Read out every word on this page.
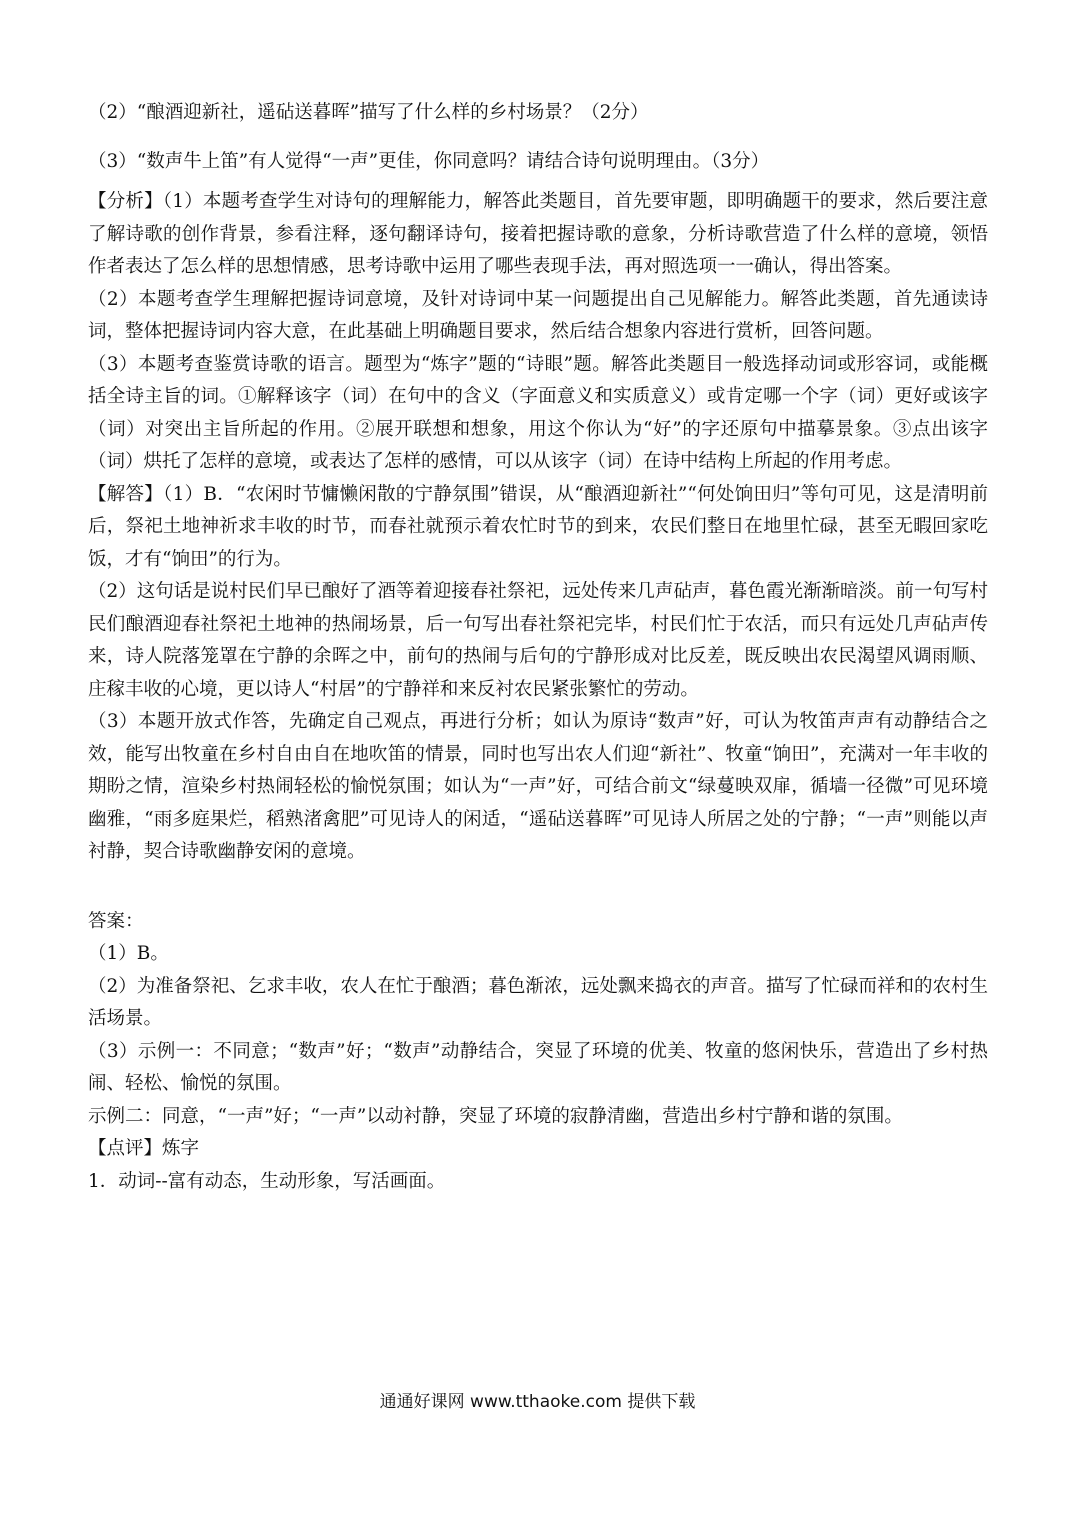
（2）“酿酒迎新社，遥砧送暮晖”描写了什么样的乡村场景？（2分）
（3）“数声牛上笛”有人觉得“一声”更佳，你同意吗？请结合诗句说明理由。（3分）

【分析】（1）本题考查学生对诗句的理解能力，解答此类题目，首先要审题，即明确题干的要求，然后要注意了解诗歌的创作背景，参看注释，逐句翻译诗句，接着把握诗歌的意象，分析诗歌营造了什么样的意境，领悟作者表达了怎么样的思想情感，思考诗歌中运用了哪些表现手法，再对照选项一一确认，得出答案。

（2）本题考查学生理解把握诗词意境，及针对诗词中某一问题提出自己见解能力。解答此类题，首先通读诗词，整体把握诗词内容大意，在此基础上明确题目要求，然后结合想象内容进行赏析，回答问题。

（3）本题考查鉴赏诗歌的语言。题型为“炼字”题的“诗眼”题。解答此类题目一般选择动词或形容词，或能概括全诗主旨的词。①解释该字（词）在句中的含义（字面意义和实质意义）或肯定哪一个字（词）更好或该字（词）对突出主旨所起的作用。②展开联想和想象，用这个你认为“好”的字还原句中描摹景象。③点出该字（词）烘托了怎样的意境，或表达了怎样的感情，可以从该字（词）在诗中结构上所起的作用考虑。

【解答】（1）B．“农闲时节慵懒闲散的宁静氛围”错误，从“酿酒迎新社”“何处饷田归”等句可见，这是清明前后，祭祀土地神祈求丰收的时节，而春社就预示着农忙时节的到来，农民们整日在地里忙碌，甚至无暇回家吃饭，才有“饷田”的行为。

（2）这句话是说村民们早已酿好了酒等着迎接春社祭祀，远处传来几声砧声，暮色霞光渐渐暗淡。前一句写村民们酿酒迎春社祭祀土地神的热闹场景，后一句写出春社祭祀完毕，村民们忙于农活，而只有远处几声砧声传来，诗人院落笼罩在宁静的余晖之中，前句的热闹与后句的宁静形成对比反差，既反映出农民渴望风调雨顺、庄稼丰收的心境，更以诗人“村居”的宁静祥和来反衬农民紧张繁忙的劳动。

（3）本题开放式作答，先确定自己观点，再进行分析；如认为原诗“数声”好，可认为牧笛声声有动静结合之效，能写出牧童在乡村自由自在地吹笛的情景，同时也写出农人们迎“新社”、牧童“饷田”，充满对一年丰收的期盼之情，渲染乡村热闹轻松的愉悦氛围；如认为“一声”好，可结合前文“绿蔓映双扉，循墙一径微”可见环境幽雅，“雨多庭果烂，稻熟渚禽肥”可见诗人的闲适，“遥砧送暮晖”可见诗人所居之处的宁静；“一声”则能以声衬静，契合诗歌幽静安闲的意境。

答案：

（1）B。

（2）为准备祭祀、乞求丰收，农人在忙于酿酒；暮色渐浓，远处飘来捣衣的声音。描写了忙碌而祥和的农村生活场景。

（3）示例一：不同意；“数声”好；“数声”动静结合，突显了环境的优美、牧童的悠闲快乐，营造出了乡村热闹、轻松、愉悦的氛围。

示例二：同意，“一声”好；“一声”以动衬静，突显了环境的寂静清幽，营造出乡村宁静和谐的氛围。

【点评】炼字

1．动词--富有动态，生动形象，写活画面。

通通好课网 www.tthaoke.com 提供下载
